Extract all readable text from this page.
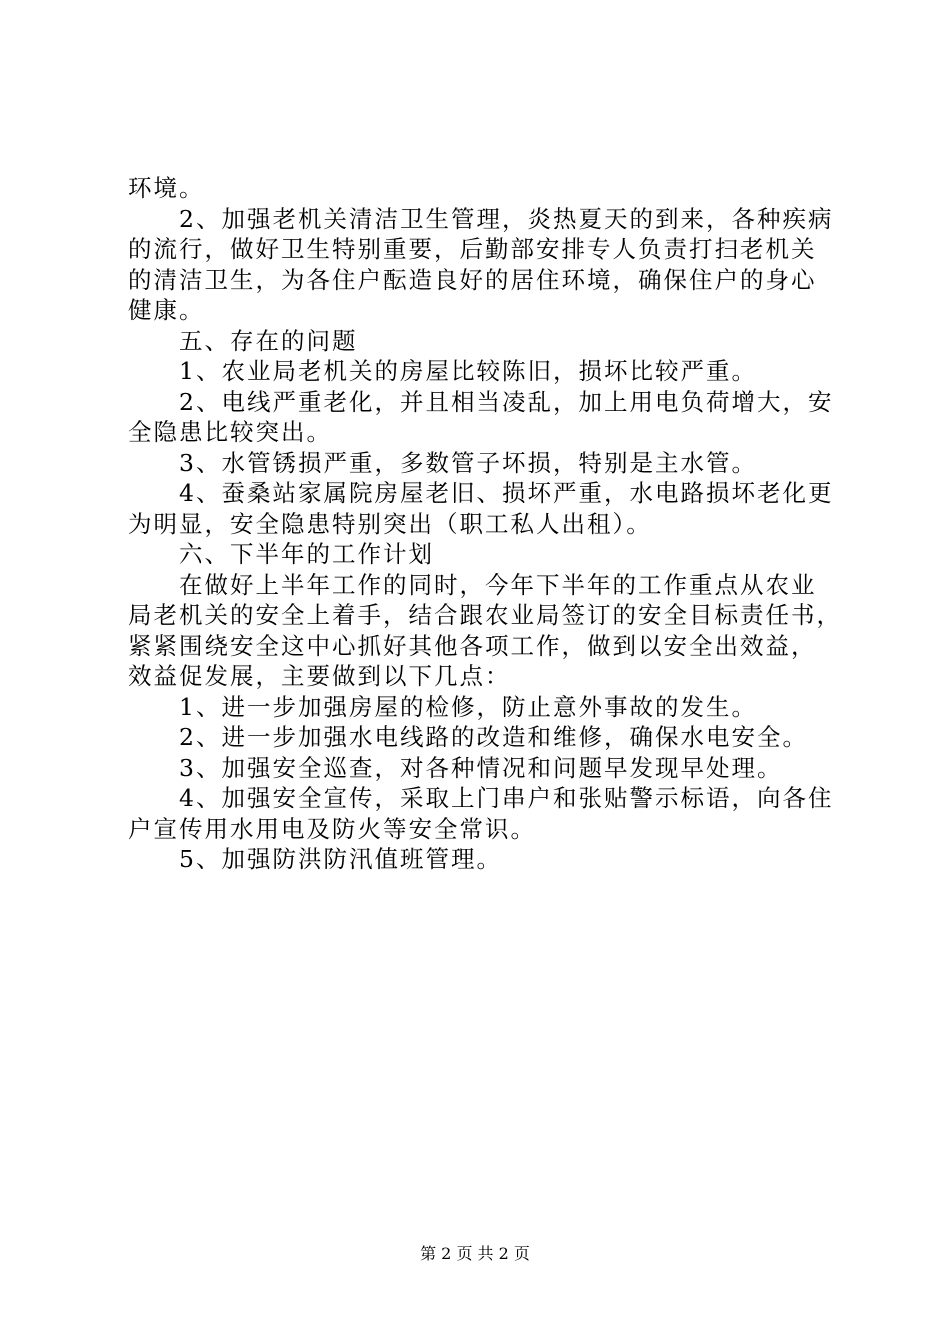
环境。

　　2、加强老机关清洁卫生管理，炎热夏天的到来，各种疾病

的流行，做好卫生特别重要，后勤部安排专人负责打扫老机关

的清洁卫生，为各住户酝造良好的居住环境，确保住户的身心

健康。

　　五、存在的问题

　　1、农业局老机关的房屋比较陈旧，损坏比较严重。

　　2、电线严重老化，并且相当凌乱，加上用电负荷增大，安

全隐患比较突出。

　　3、水管锈损严重，多数管子坏损，特别是主水管。

　　4、蚕桑站家属院房屋老旧、损坏严重，水电路损坏老化更

为明显，安全隐患特别突出（职工私人出租）。

　　六、下半年的工作计划

　　在做好上半年工作的同时，今年下半年的工作重点从农业

局老机关的安全上着手，结合跟农业局签订的安全目标责任书，

紧紧围绕安全这中心抓好其他各项工作，做到以安全出效益，

效益促发展，主要做到以下几点：

　　1、进一步加强房屋的检修，防止意外事故的发生。

　　2、进一步加强水电线路的改造和维修，确保水电安全。

　　3、加强安全巡查，对各种情况和问题早发现早处理。

　　4、加强安全宣传，采取上门串户和张贴警示标语，向各住

户宣传用水用电及防火等安全常识。

　　5、加强防洪防汛值班管理。

第 2 页 共 2 页
